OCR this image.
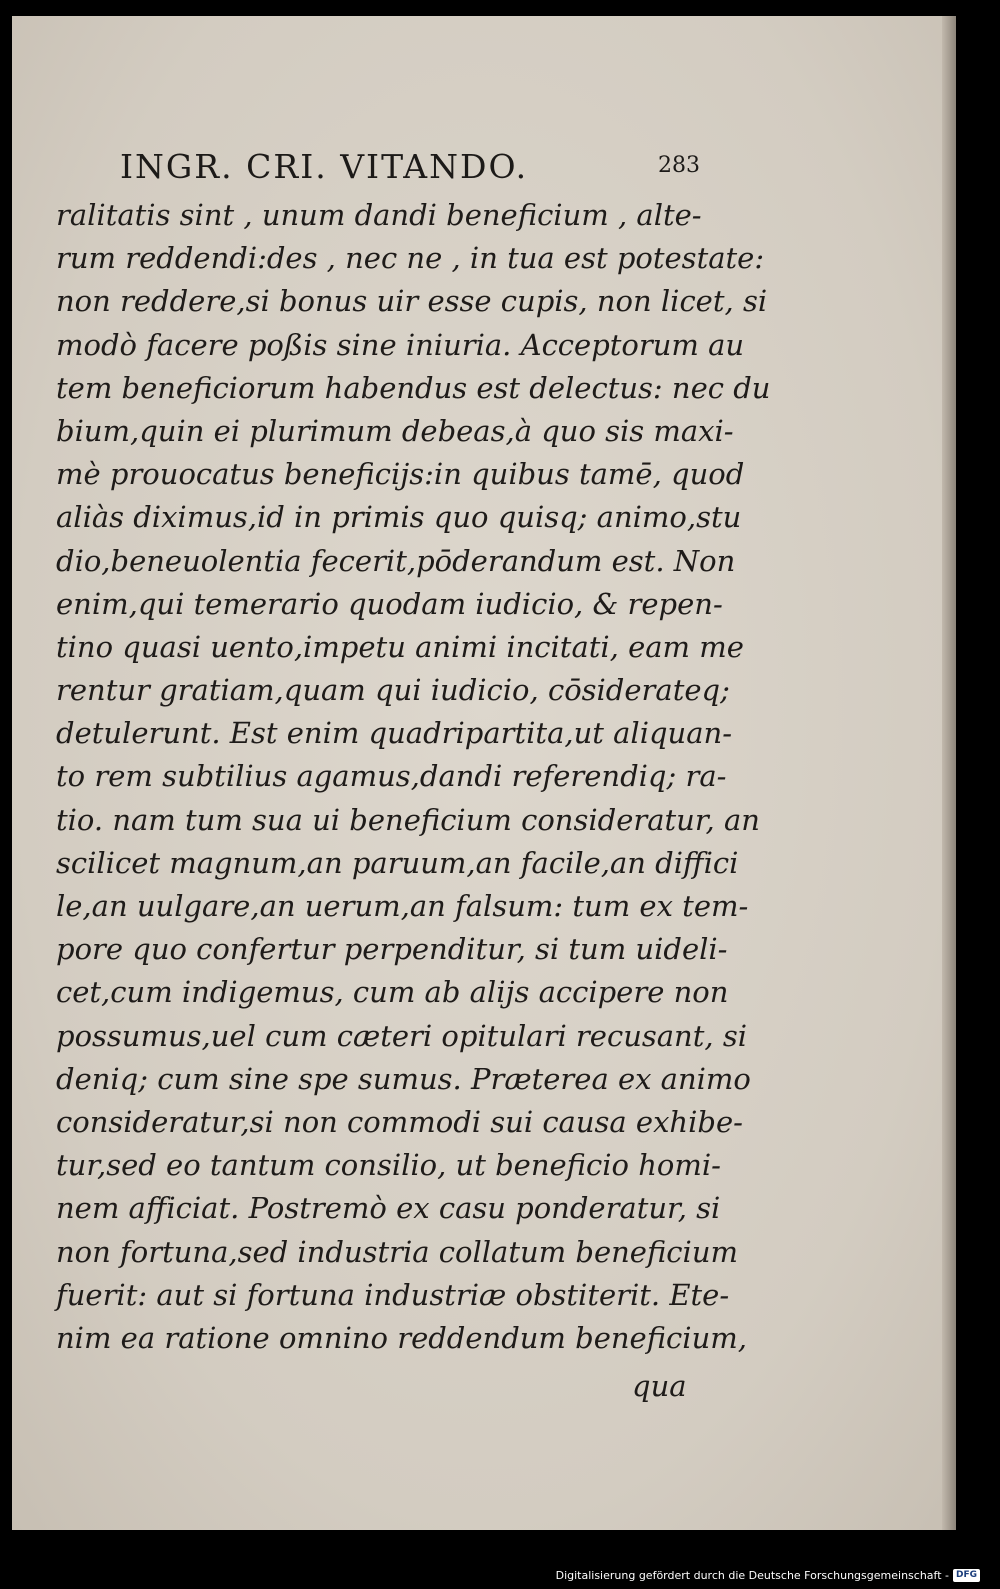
INGR. CRI. VITANDO.	283
ralitatis sint , unum dandi beneficium , alte-
rum reddendi:des , nec ne , in tua est potestate:
non reddere,si bonus uir esse cupis, non licet, si
modò facere poßis sine iniuria. Acceptorum au
tem beneficiorum habendus est delectus: nec du
bium,quin ei plurimum debeas,à quo sis maxi-
mè prouocatus beneficijs:in quibus tamē, quod
aliàs diximus,id in primis quo quisq; animo,stu
dio,beneuolentia fecerit,pōderandum est. Non
enim,qui temerario quodam iudicio, & repen-
tino quasi uento,impetu animi incitati, eam me
rentur gratiam,quam qui iudicio, cōsiderateq;
detulerunt. Est enim quadripartita,ut aliquan-
to rem subtilius agamus,dandi referendiq; ra-
tio. nam tum sua ui beneficium consideratur, an
scilicet magnum,an paruum,an facile,an diffici
le,an uulgare,an uerum,an falsum: tum ex tem-
pore quo confertur perpenditur, si tum uideli-
cet,cum indigemus, cum ab alijs accipere non
possumus,uel cum cæteri opitulari recusant, si
deniq; cum sine spe sumus. Præterea ex animo
consideratur,si non commodi sui causa exhibe-
tur,sed eo tantum consilio, ut beneficio homi-
nem afficiat. Postremò ex casu ponderatur, si
non fortuna,sed industria collatum beneficium
fuerit: aut si fortuna industriæ obstiterit. Ete-
nim ea ratione omnino reddendum beneficium,
qua
Digitalisierung gefördert durch die Deutsche Forschungsgemeinschaft - DFG
